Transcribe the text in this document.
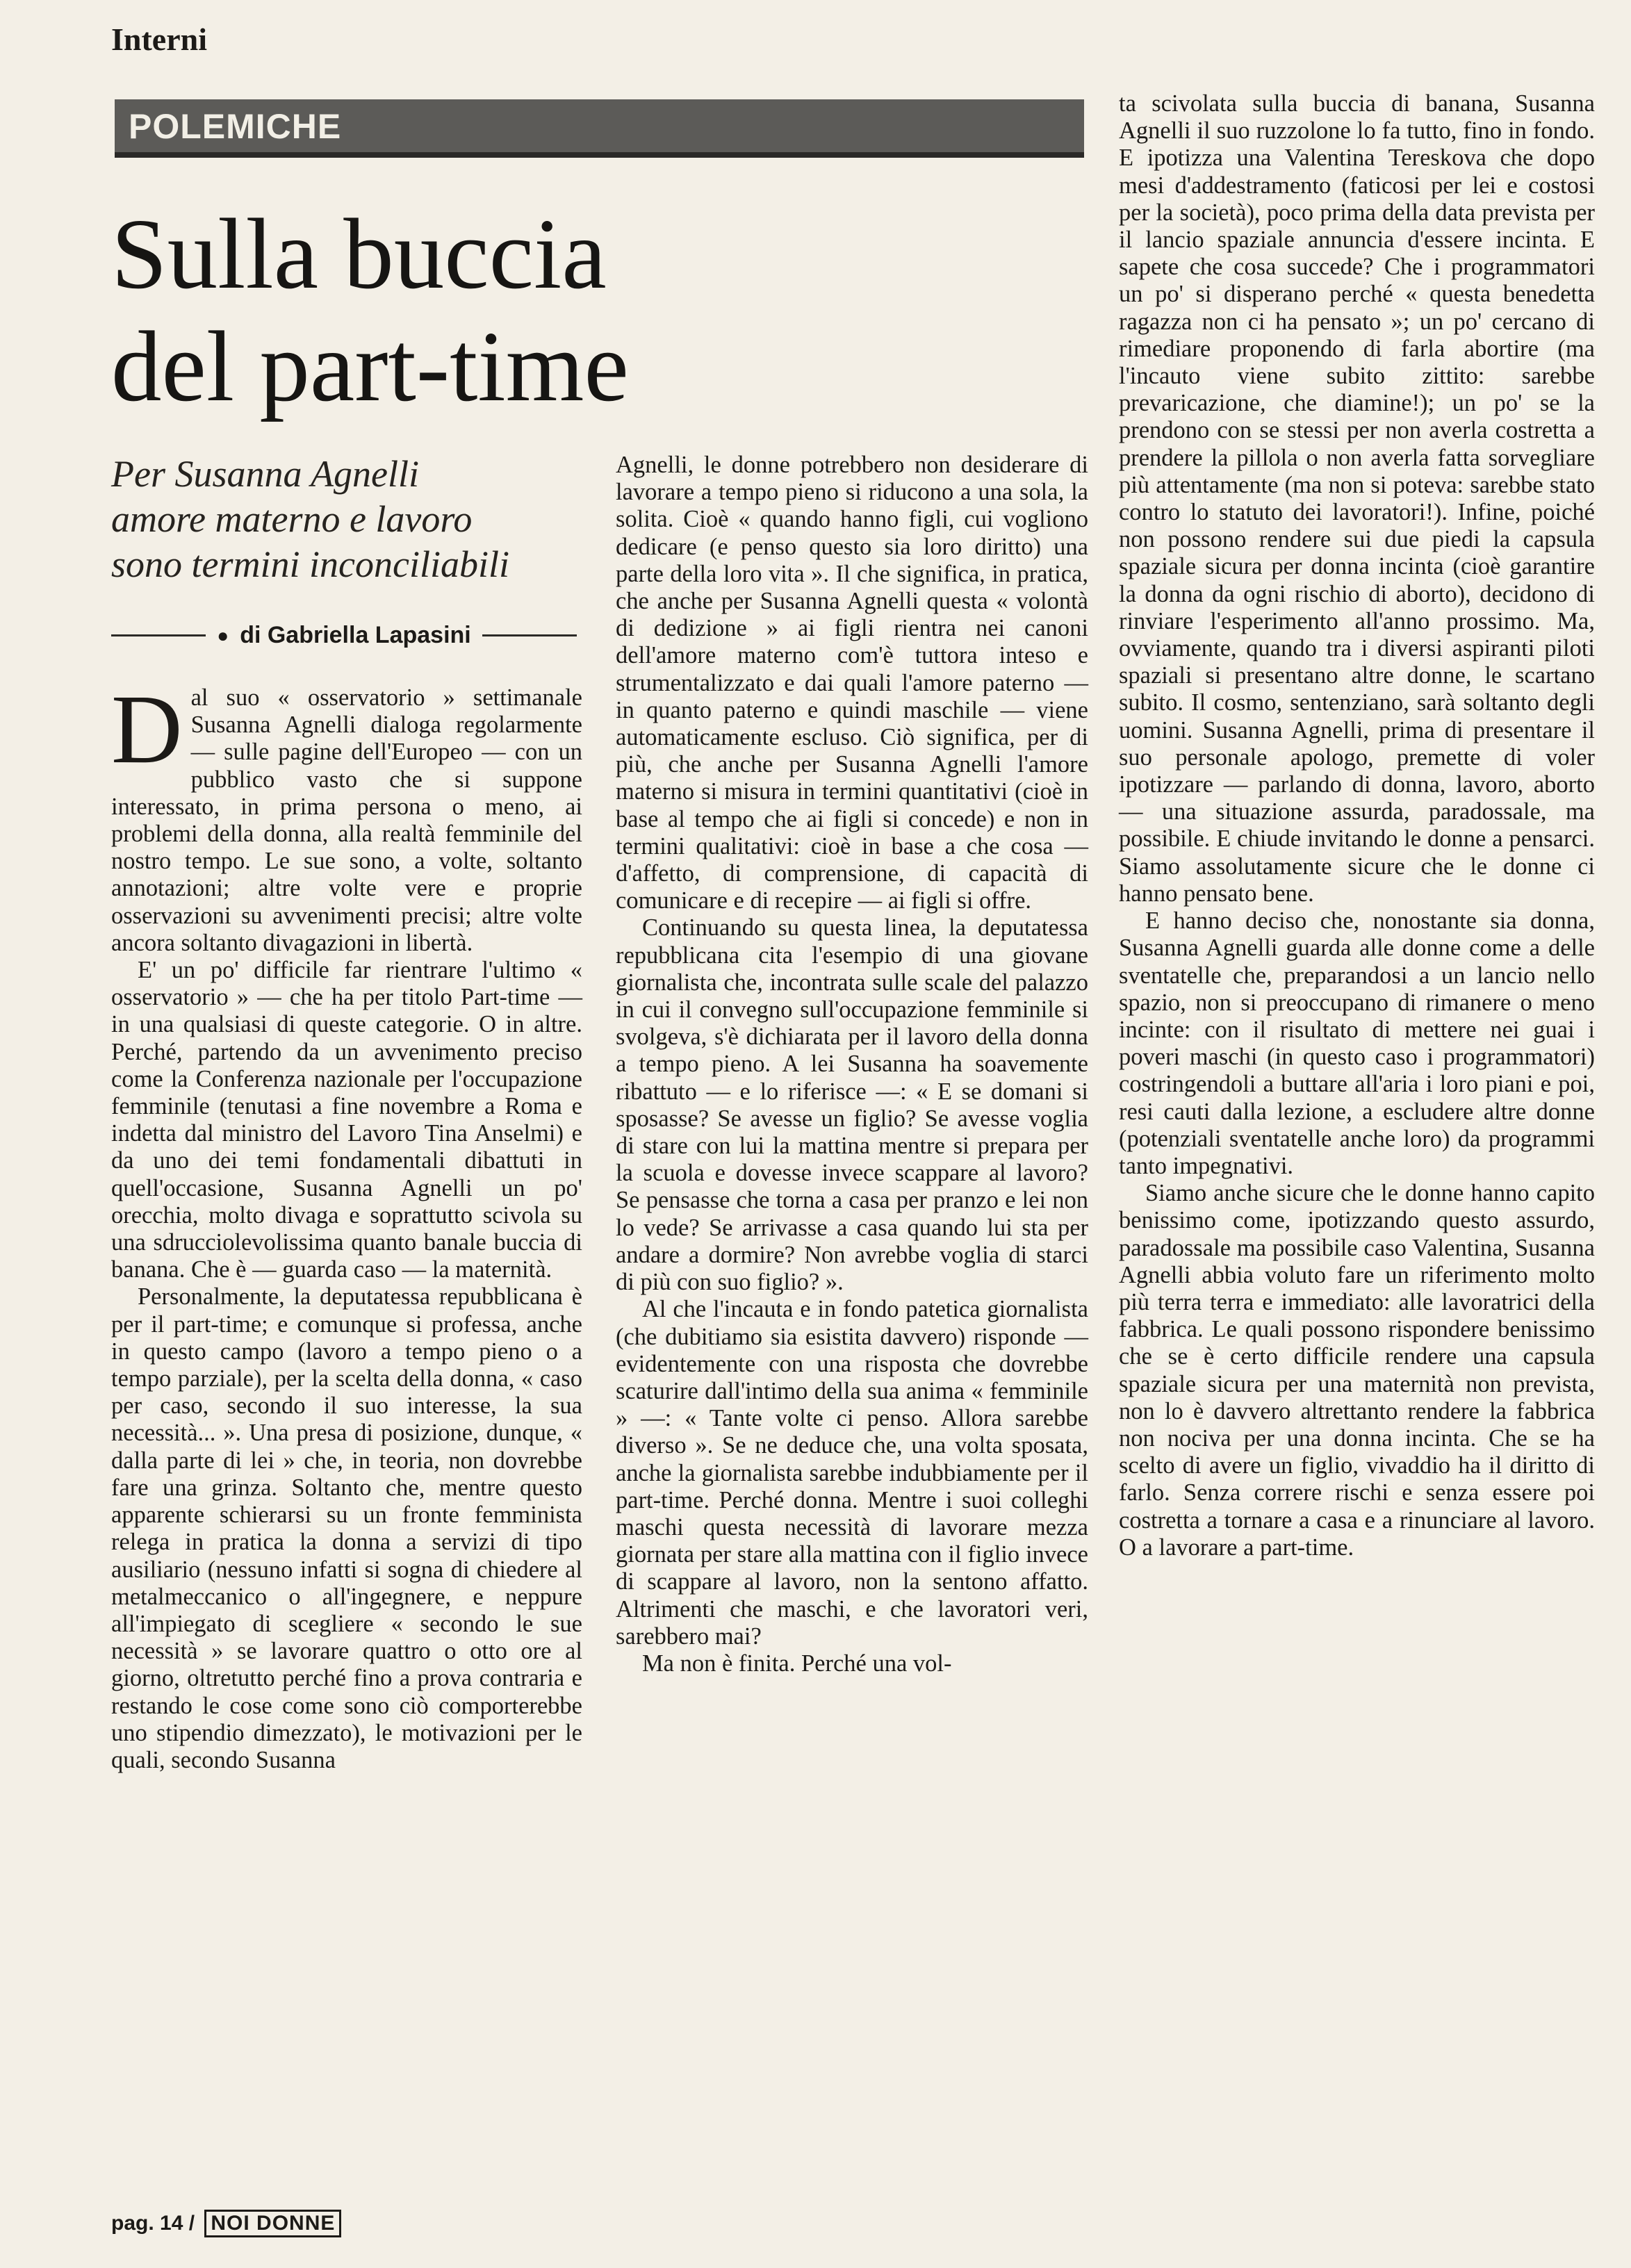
Interni
POLEMICHE
Sulla buccia
del part-time

Per Susanna Agnelli
amore materno e lavoro
sono termini inconciliabili

● di Gabriella Lapasini

Dal suo « osservatorio » settimanale Susanna Agnelli dialoga regolarmente — sulle pagine dell'Europeo — con un pubblico vasto che si suppone interessato, in prima persona o meno, ai problemi della donna, alla realtà femminile del nostro tempo. Le sue sono, a volte, soltanto annotazioni; altre volte vere e proprie osservazioni su avvenimenti precisi; altre volte ancora soltanto divagazioni in libertà.

E' un po' difficile far rientrare l'ultimo « osservatorio » — che ha per titolo Part-time — in una qualsiasi di queste categorie. O in altre. Perché, partendo da un avvenimento preciso come la Conferenza nazionale per l'occupazione femminile (tenutasi a fine novembre a Roma e indetta dal ministro del Lavoro Tina Anselmi) e da uno dei temi fondamentali dibattuti in quell'occasione, Susanna Agnelli un po' orecchia, molto divaga e soprattutto scivola su una sdrucciolevolissima quanto banale buccia di banana. Che è — guarda caso — la maternità.

Personalmente, la deputatessa repubblicana è per il part-time; e comunque si professa, anche in questo campo (lavoro a tempo pieno o a tempo parziale), per la scelta della donna, « caso per caso, secondo il suo interesse, la sua necessità... ». Una presa di posizione, dunque, « dalla parte di lei » che, in teoria, non dovrebbe fare una grinza. Soltanto che, mentre questo apparente schierarsi su un fronte femminista relega in pratica la donna a servizi di tipo ausiliario (nessuno infatti si sogna di chiedere al metalmeccanico o all'ingegnere, e neppure all'impiegato di scegliere « secondo le sue necessità » se lavorare quattro o otto ore al giorno, oltretutto perché fino a prova contraria e restando le cose come sono ciò comporterebbe uno stipendio dimezzato), le motivazioni per le quali, secondo Susanna

Agnelli, le donne potrebbero non desiderare di lavorare a tempo pieno si riducono a una sola, la solita. Cioè « quando hanno figli, cui vogliono dedicare (e penso questo sia loro diritto) una parte della loro vita ». Il che significa, in pratica, che anche per Susanna Agnelli questa « volontà di dedizione » ai figli rientra nei canoni dell'amore materno com'è tuttora inteso e strumentalizzato e dai quali l'amore paterno — in quanto paterno e quindi maschile — viene automaticamente escluso. Ciò significa, per di più, che anche per Susanna Agnelli l'amore materno si misura in termini quantitativi (cioè in base al tempo che ai figli si concede) e non in termini qualitativi: cioè in base a che cosa — d'affetto, di comprensione, di capacità di comunicare e di recepire — ai figli si offre.

Continuando su questa linea, la deputatessa repubblicana cita l'esempio di una giovane giornalista che, incontrata sulle scale del palazzo in cui il convegno sull'occupazione femminile si svolgeva, s'è dichiarata per il lavoro della donna a tempo pieno. A lei Susanna ha soavemente ribattuto — e lo riferisce —: « E se domani si sposasse? Se avesse un figlio? Se avesse voglia di stare con lui la mattina mentre si prepara per la scuola e dovesse invece scappare al lavoro? Se pensasse che torna a casa per pranzo e lei non lo vede? Se arrivasse a casa quando lui sta per andare a dormire? Non avrebbe voglia di starci di più con suo figlio? ».

Al che l'incauta e in fondo patetica giornalista (che dubitiamo sia esistita davvero) risponde — evidentemente con una risposta che dovrebbe scaturire dall'intimo della sua anima « femminile » —: « Tante volte ci penso. Allora sarebbe diverso ». Se ne deduce che, una volta sposata, anche la giornalista sarebbe indubbiamente per il part-time. Perché donna. Mentre i suoi colleghi maschi questa necessità di lavorare mezza giornata per stare alla mattina con il figlio invece di scappare al lavoro, non la sentono affatto. Altrimenti che maschi, e che lavoratori veri, sarebbero mai?

Ma non è finita. Perché una vol-

ta scivolata sulla buccia di banana, Susanna Agnelli il suo ruzzolone lo fa tutto, fino in fondo. E ipotizza una Valentina Tereskova che dopo mesi d'addestramento (faticosi per lei e costosi per la società), poco prima della data prevista per il lancio spaziale annuncia d'essere incinta. E sapete che cosa succede? Che i programmatori un po' si disperano perché « questa benedetta ragazza non ci ha pensato »; un po' cercano di rimediare proponendo di farla abortire (ma l'incauto viene subito zittito: sarebbe prevaricazione, che diamine!); un po' se la prendono con se stessi per non averla costretta a prendere la pillola o non averla fatta sorvegliare più attentamente (ma non si poteva: sarebbe stato contro lo statuto dei lavoratori!). Infine, poiché non possono rendere sui due piedi la capsula spaziale sicura per donna incinta (cioè garantire la donna da ogni rischio di aborto), decidono di rinviare l'esperimento all'anno prossimo. Ma, ovviamente, quando tra i diversi aspiranti piloti spaziali si presentano altre donne, le scartano subito. Il cosmo, sentenziano, sarà soltanto degli uomini. Susanna Agnelli, prima di presentare il suo personale apologo, premette di voler ipotizzare — parlando di donna, lavoro, aborto — una situazione assurda, paradossale, ma possibile. E chiude invitando le donne a pensarci. Siamo assolutamente sicure che le donne ci hanno pensato bene.

E hanno deciso che, nonostante sia donna, Susanna Agnelli guarda alle donne come a delle sventatelle che, preparandosi a un lancio nello spazio, non si preoccupano di rimanere o meno incinte: con il risultato di mettere nei guai i poveri maschi (in questo caso i programmatori) costringendoli a buttare all'aria i loro piani e poi, resi cauti dalla lezione, a escludere altre donne (potenziali sventatelle anche loro) da programmi tanto impegnativi.

Siamo anche sicure che le donne hanno capito benissimo come, ipotizzando questo assurdo, paradossale ma possibile caso Valentina, Susanna Agnelli abbia voluto fare un riferimento molto più terra terra e immediato: alle lavoratrici della fabbrica. Le quali possono rispondere benissimo che se è certo difficile rendere una capsula spaziale sicura per una maternità non prevista, non lo è davvero altrettanto rendere la fabbrica non nociva per una donna incinta. Che se ha scelto di avere un figlio, vivaddio ha il diritto di farlo. Senza correre rischi e senza essere poi costretta a tornare a casa e a rinunciare al lavoro. O a lavorare a part-time.

pag. 14 / NOI DONNE
